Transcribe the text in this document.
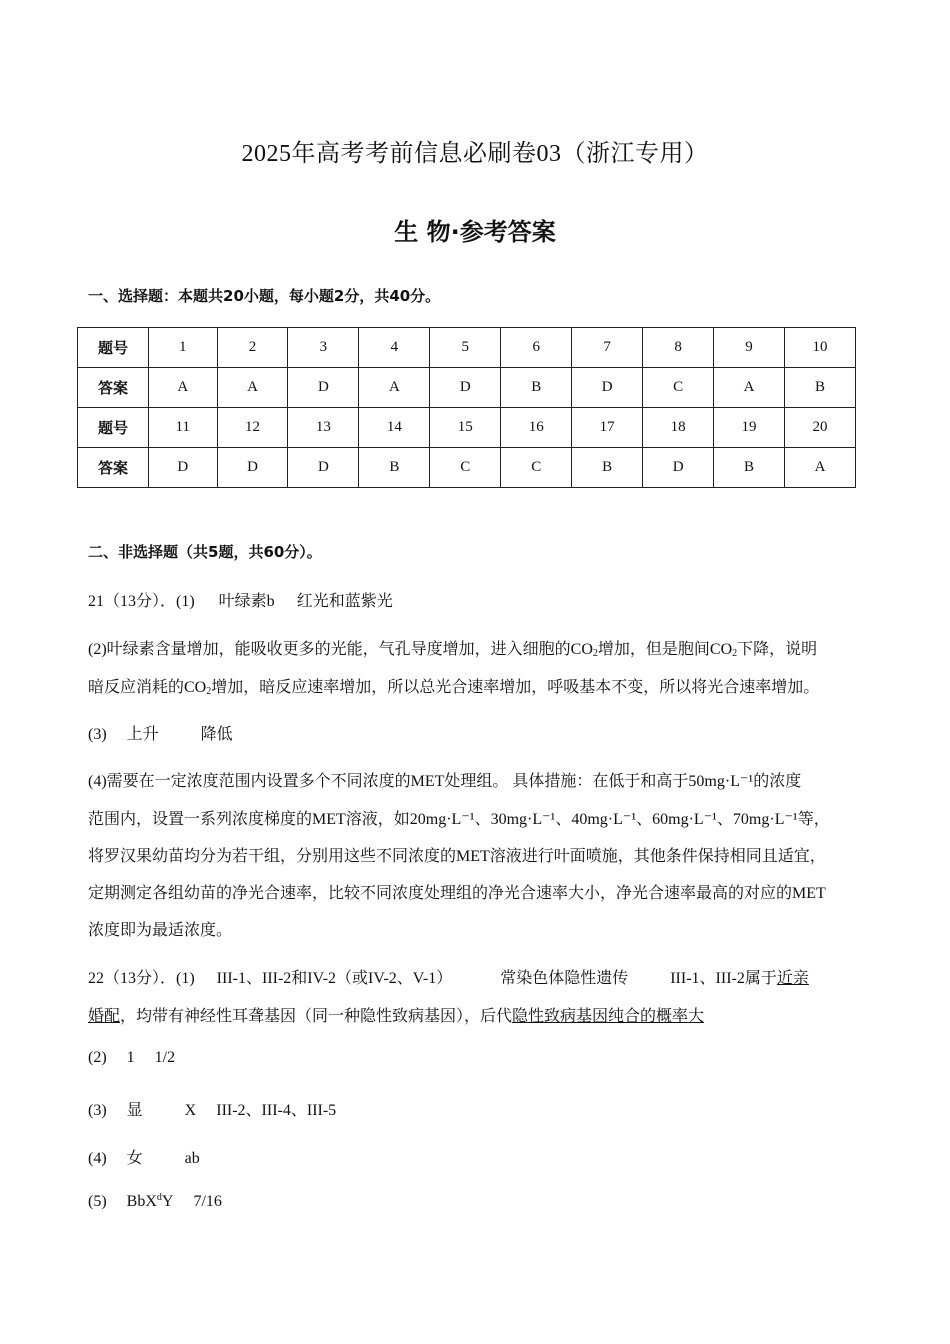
2025年高考考前信息必刷卷03（浙江专用）
生 物·参考答案
一、选择题：本题共20小题，每小题2分，共40分。
题号	1	2	3	4	5	6	7	8	9	10
答案	A	A	D	A	D	B	D	C	A	B
题号	11	12	13	14	15	16	17	18	19	20
答案	D	D	D	B	C	C	B	D	B	A
二、非选择题（共5题，共60分）。
21（13分）．(1) 叶绿素b 红光和蓝紫光
(2)叶绿素含量增加，能吸收更多的光能，气孔导度增加，进入细胞的$CO_2$增加，但是胞间$CO_2$下降，说明
暗反应消耗的$CO_2$增加，暗反应速率增加，所以总光合速率增加，呼吸基本不变，所以将光合速率增加。
(3) 上升	降低
(4)需要在一定浓度范围内设置多个不同浓度的MET处理组。 具体措施：在低于和高于50mg·L⁻¹的浓度
范围内，设置一系列浓度梯度的MET溶液，如20mg·L⁻¹、30mg·L⁻¹、40mg·L⁻¹、60mg·L⁻¹、70mg·L⁻¹等，
将罗汉果幼苗均分为若干组，分别用这些不同浓度的MET溶液进行叶面喷施，其他条件保持相同且适宜，
定期测定各组幼苗的净光合速率，比较不同浓度处理组的净光合速率大小，净光合速率最高的对应的MET
浓度即为最适浓度。
22（13分）．(1) III-1、III-2和IV-2（或IV-2、V-1）	常染色体隐性遗传	III-1、III-2属于近亲
婚配，均带有神经性耳聋基因（同一种隐性致病基因），后代隐性致病基因纯合的概率大
(2) 1 1/2
(3) 显	X III-2、III-4、III-5
(4) 女	ab
(5) BbX$^d$Y 7/16
